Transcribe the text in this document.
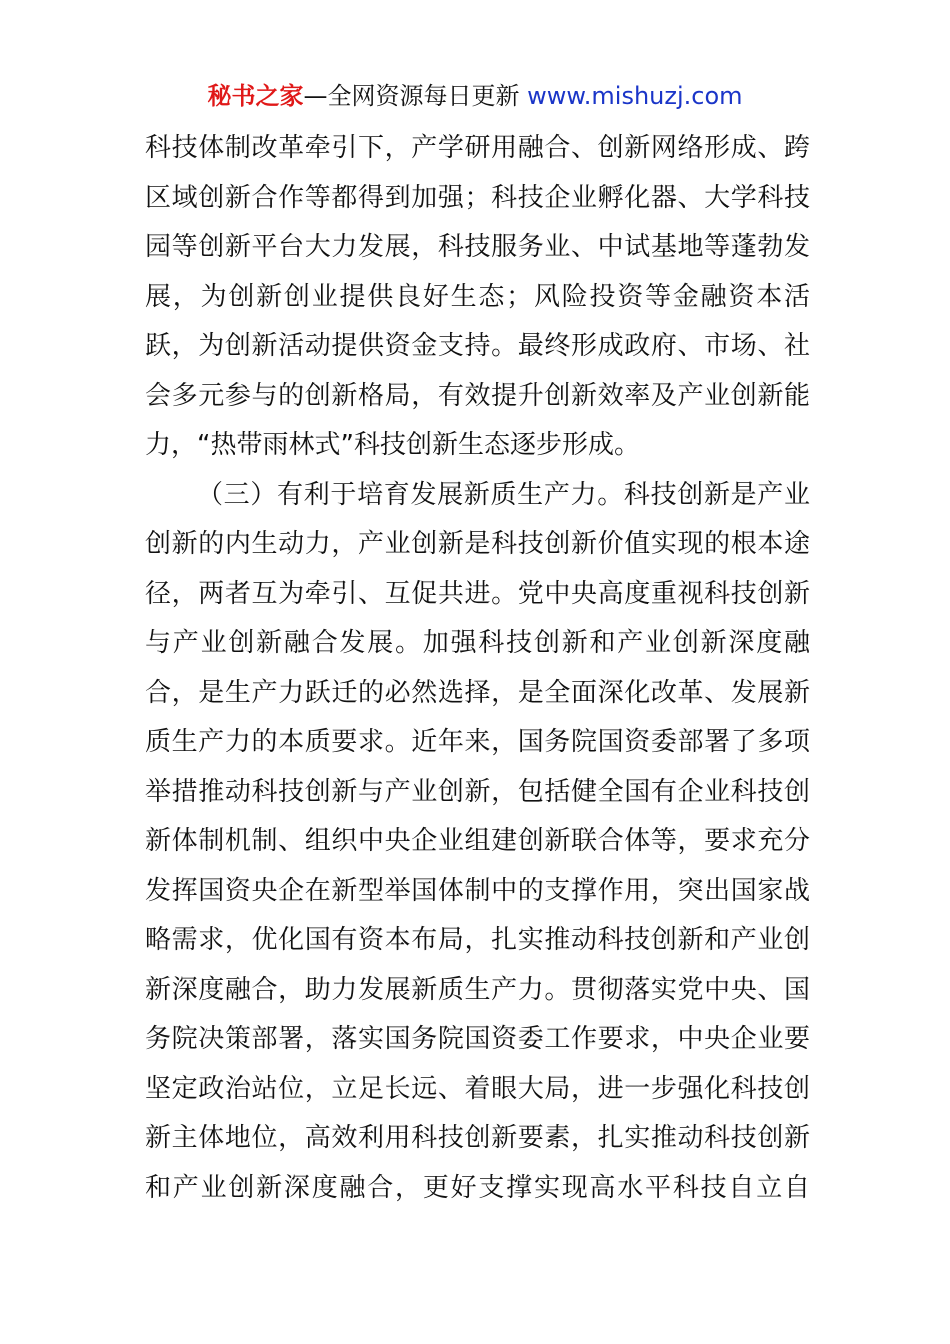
秘书之家—全网资源每日更新 www.mishuzj.com
科技体制改革牵引下，产学研用融合、创新网络形成、跨
区域创新合作等都得到加强；科技企业孵化器、大学科技
园等创新平台大力发展，科技服务业、中试基地等蓬勃发
展，为创新创业提供良好生态；风险投资等金融资本活
跃，为创新活动提供资金支持。最终形成政府、市场、社
会多元参与的创新格局，有效提升创新效率及产业创新能
力，“热带雨林式”科技创新生态逐步形成。
（三）有利于培育发展新质生产力。科技创新是产业
创新的内生动力，产业创新是科技创新价值实现的根本途
径，两者互为牵引、互促共进。党中央高度重视科技创新
与产业创新融合发展。加强科技创新和产业创新深度融
合，是生产力跃迁的必然选择，是全面深化改革、发展新
质生产力的本质要求。近年来，国务院国资委部署了多项
举措推动科技创新与产业创新，包括健全国有企业科技创
新体制机制、组织中央企业组建创新联合体等，要求充分
发挥国资央企在新型举国体制中的支撑作用，突出国家战
略需求，优化国有资本布局，扎实推动科技创新和产业创
新深度融合，助力发展新质生产力。贯彻落实党中央、国
务院决策部署，落实国务院国资委工作要求，中央企业要
坚定政治站位，立足长远、着眼大局，进一步强化科技创
新主体地位，高效利用科技创新要素，扎实推动科技创新
和产业创新深度融合，更好支撑实现高水平科技自立自
